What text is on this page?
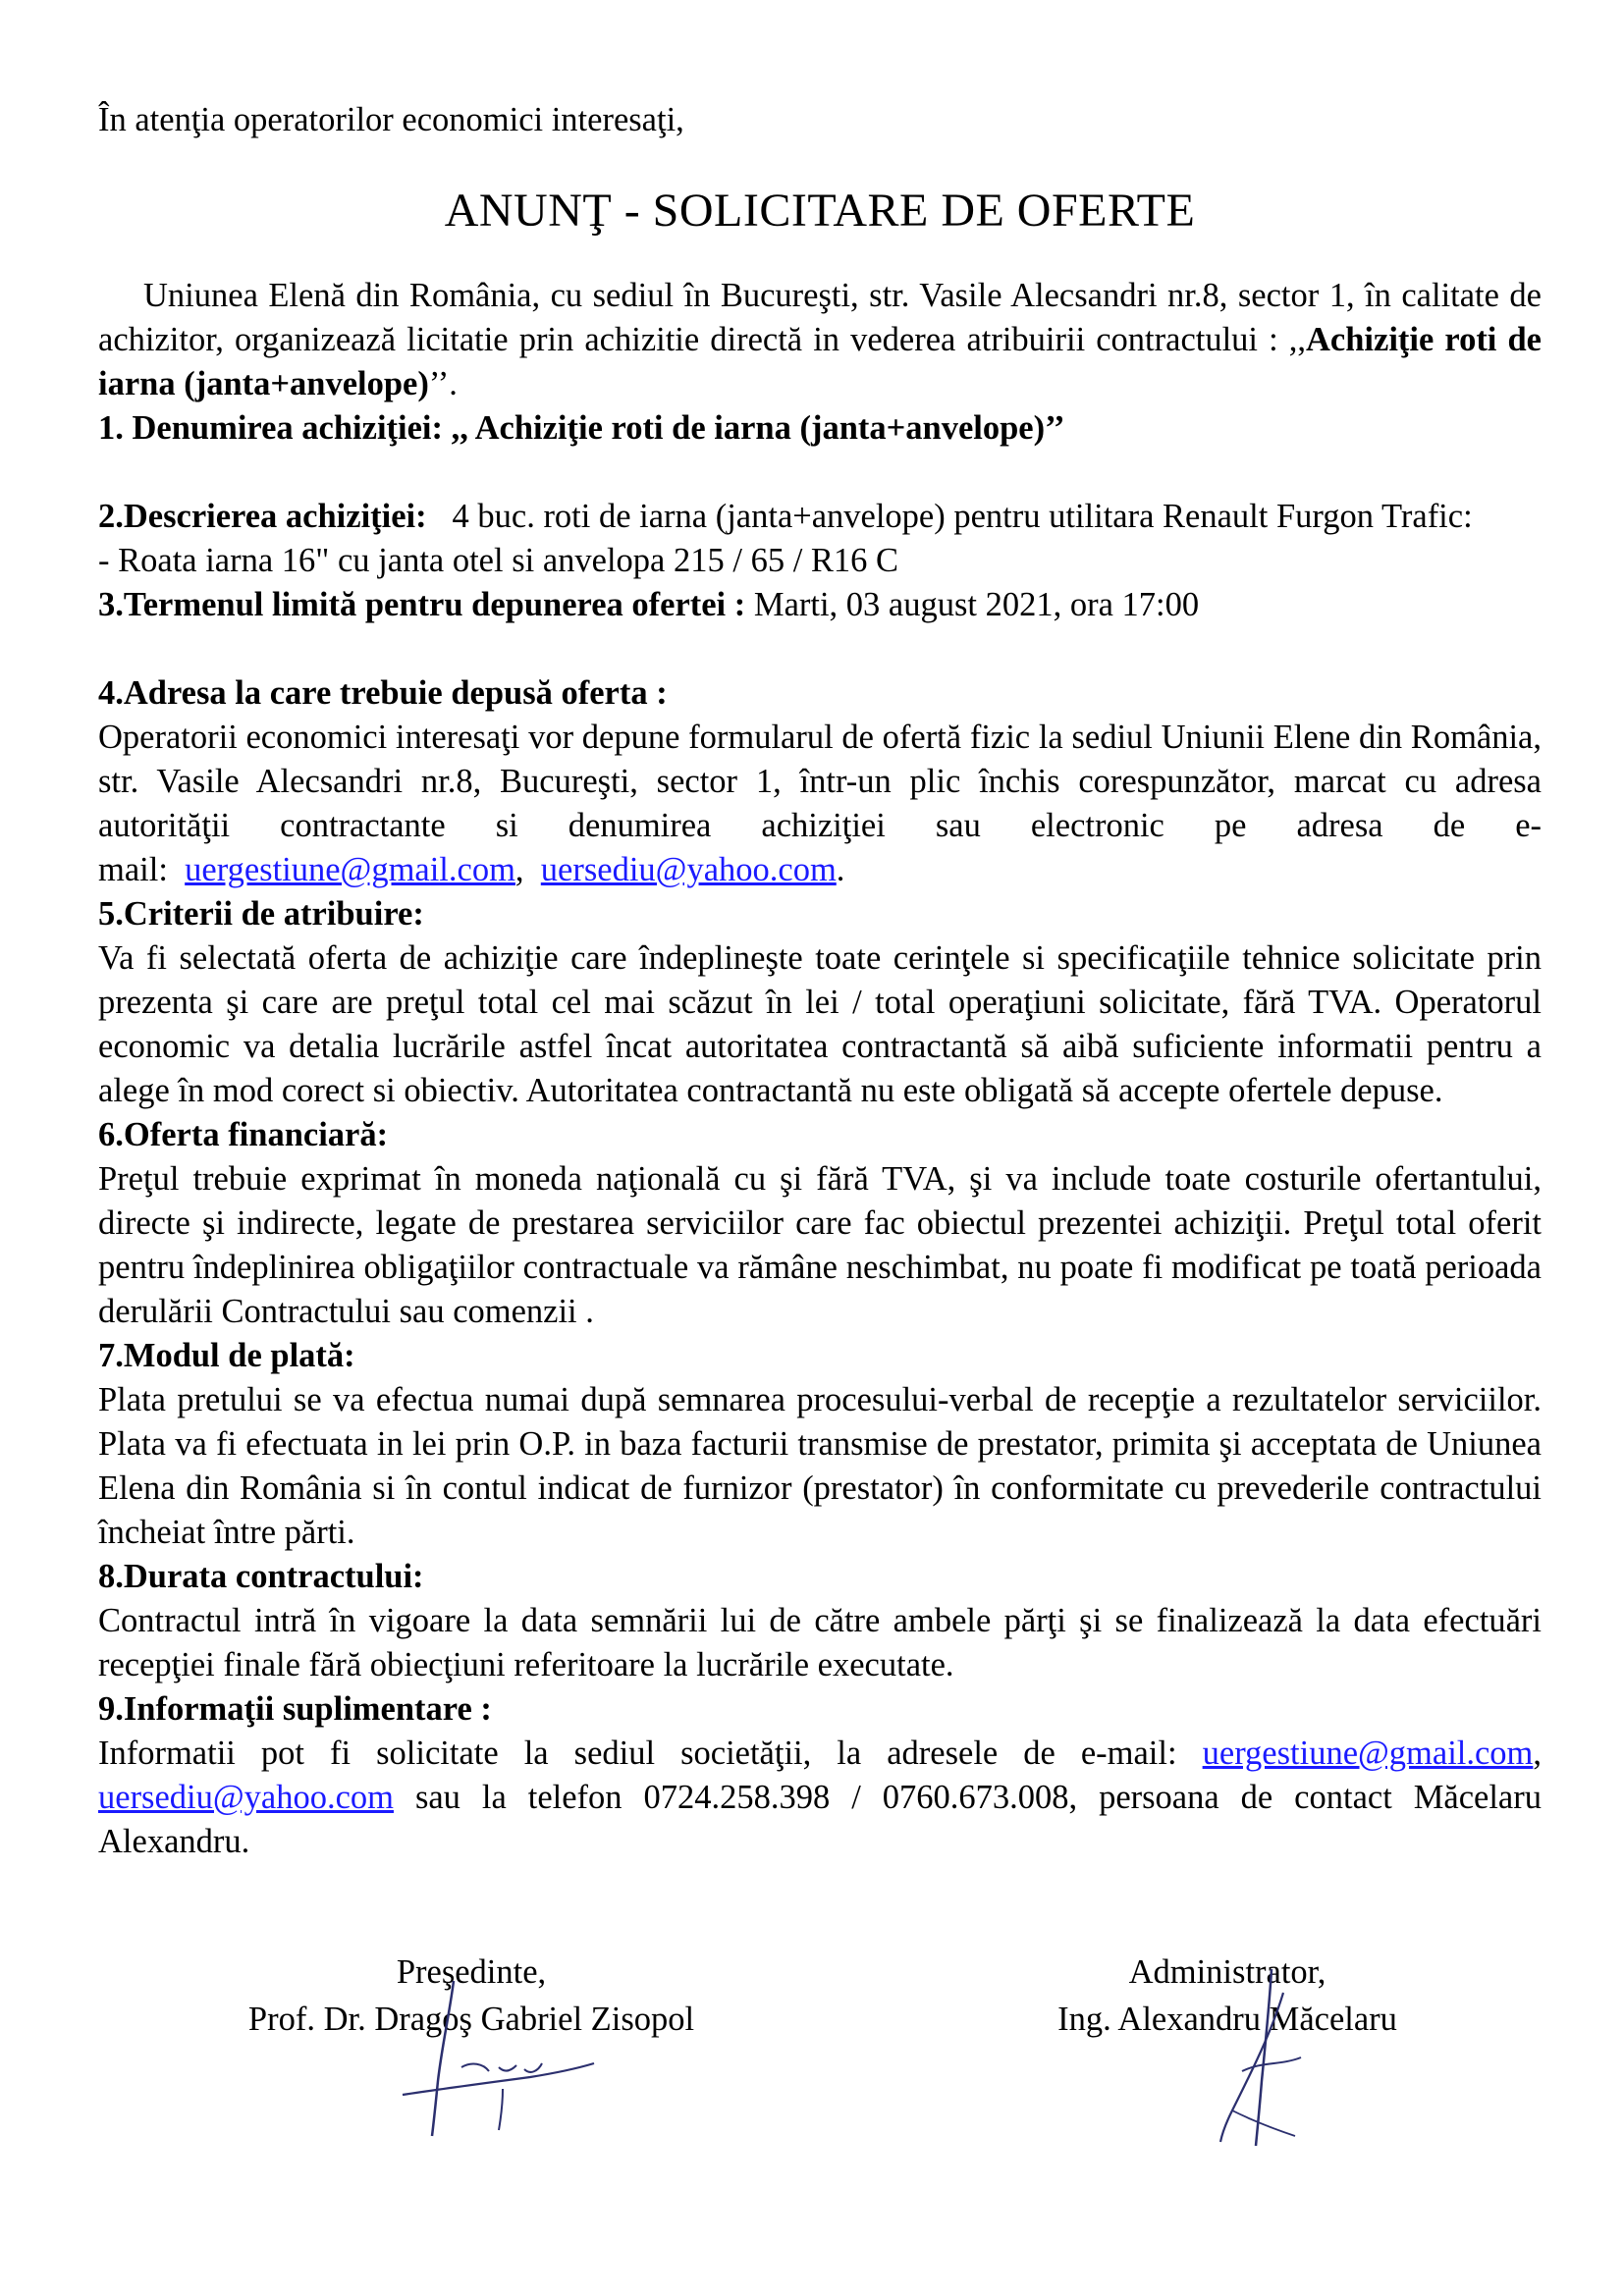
În atenţia operatorilor economici interesaţi,

ANUNŢ - SOLICITARE DE OFERTE

Uniunea Elenă din România, cu sediul în Bucureşti, str. Vasile Alecsandri nr.8, sector 1, în calitate de achizitor, organizează licitatie prin achizitie directă in vederea atribuirii contractului : ,,Achiziţie roti de iarna (janta+anvelope)’’.

1. Denumirea achiziţiei: ,, Achiziţie roti de iarna (janta+anvelope)’’

2.Descrierea achiziţiei: 4 buc. roti de iarna (janta+anvelope) pentru utilitara Renault Furgon Trafic:

- Roata iarna 16" cu janta otel si anvelopa 215 / 65 / R16 C

3.Termenul limită pentru depunerea ofertei : Marti, 03 august 2021, ora 17:00

4.Adresa la care trebuie depusă oferta :

Operatorii economici interesaţi vor depune formularul de ofertă fizic la sediul Uniunii Elene din România, str. Vasile Alecsandri nr.8, Bucureşti, sector 1, într-un plic închis corespunzător, marcat cu adresa autorităţii contractante si denumirea achiziţiei sau electronic pe adresa de e-mail: uergestiune@gmail.com, uersediu@yahoo.com.

5.Criterii de atribuire:

Va fi selectată oferta de achiziţie care îndeplineşte toate cerinţele si specificaţiile tehnice solicitate prin prezenta şi care are preţul total cel mai scăzut în lei / total operaţiuni solicitate, fără TVA. Operatorul economic va detalia lucrările astfel încat autoritatea contractantă să aibă suficiente informatii pentru a alege în mod corect si obiectiv. Autoritatea contractantă nu este obligată să accepte ofertele depuse.

6.Oferta financiară:

Preţul trebuie exprimat în moneda naţională cu şi fără TVA, şi va include toate costurile ofertantului, directe şi indirecte, legate de prestarea serviciilor care fac obiectul prezentei achiziţii. Preţul total oferit pentru îndeplinirea obligaţiilor contractuale va rămâne neschimbat, nu poate fi modificat pe toată perioada derulării Contractului sau comenzii .

7.Modul de plată:

Plata pretului se va efectua numai după semnarea procesului-verbal de recepţie a rezultatelor serviciilor. Plata va fi efectuata in lei prin O.P. in baza facturii transmise de prestator, primita şi acceptata de Uniunea Elena din România si în contul indicat de furnizor (prestator) în conformitate cu prevederile contractului încheiat între părti.

8.Durata contractului:

Contractul intră în vigoare la data semnării lui de către ambele părţi şi se finalizează la data efectuări recepţiei finale fără obiecţiuni referitoare la lucrările executate.

9.Informaţii suplimentare :

Informatii pot fi solicitate la sediul societăţii, la adresele de e-mail: uergestiune@gmail.com, uersediu@yahoo.com sau la telefon 0724.258.398 / 0760.673.008, persoana de contact Măcelaru Alexandru.

Preşedinte,
Prof. Dr. Dragoş Gabriel Zisopol
Administrator,
Ing. Alexandru Măcelaru
